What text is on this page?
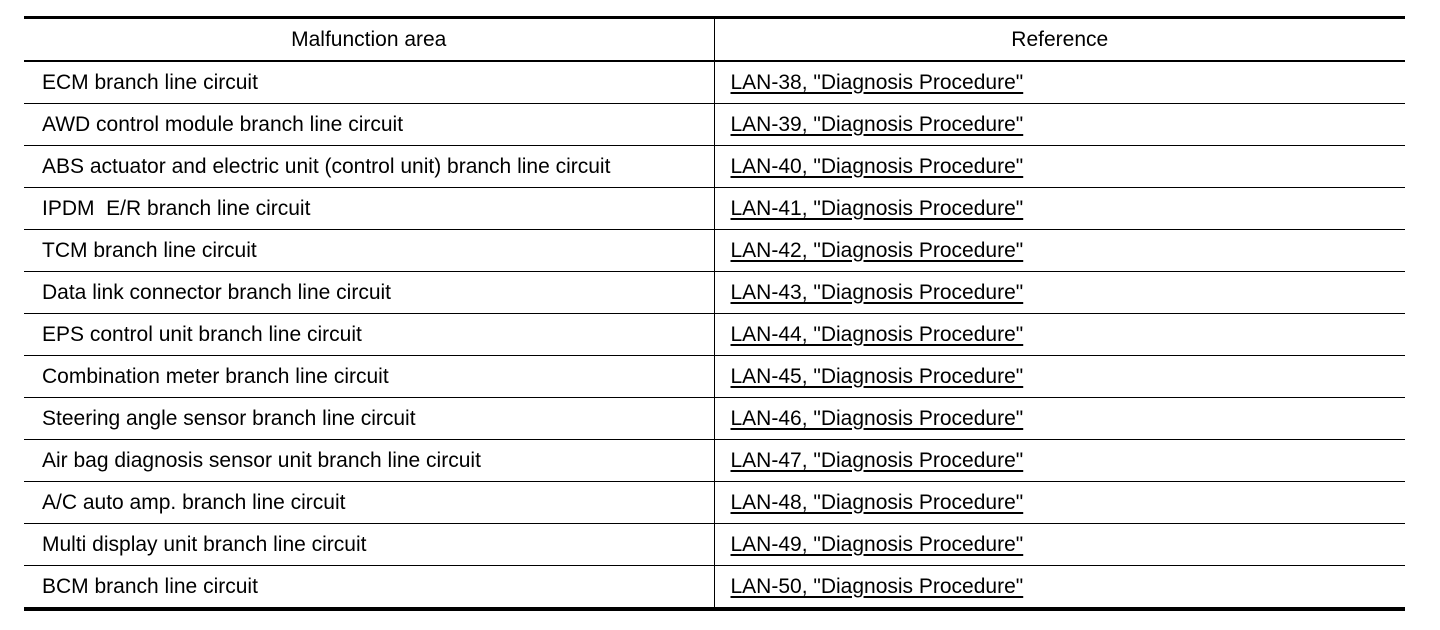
Malfunction area	Reference
ECM branch line circuit	LAN-38, "Diagnosis Procedure"
AWD control module branch line circuit	LAN-39, "Diagnosis Procedure"
ABS actuator and electric unit (control unit) branch line circuit	LAN-40, "Diagnosis Procedure"
IPDM  E/R branch line circuit	LAN-41, "Diagnosis Procedure"
TCM branch line circuit	LAN-42, "Diagnosis Procedure"
Data link connector branch line circuit	LAN-43, "Diagnosis Procedure"
EPS control unit branch line circuit	LAN-44, "Diagnosis Procedure"
Combination meter branch line circuit	LAN-45, "Diagnosis Procedure"
Steering angle sensor branch line circuit	LAN-46, "Diagnosis Procedure"
Air bag diagnosis sensor unit branch line circuit	LAN-47, "Diagnosis Procedure"
A/C auto amp. branch line circuit	LAN-48, "Diagnosis Procedure"
Multi display unit branch line circuit	LAN-49, "Diagnosis Procedure"
BCM branch line circuit	LAN-50, "Diagnosis Procedure"
